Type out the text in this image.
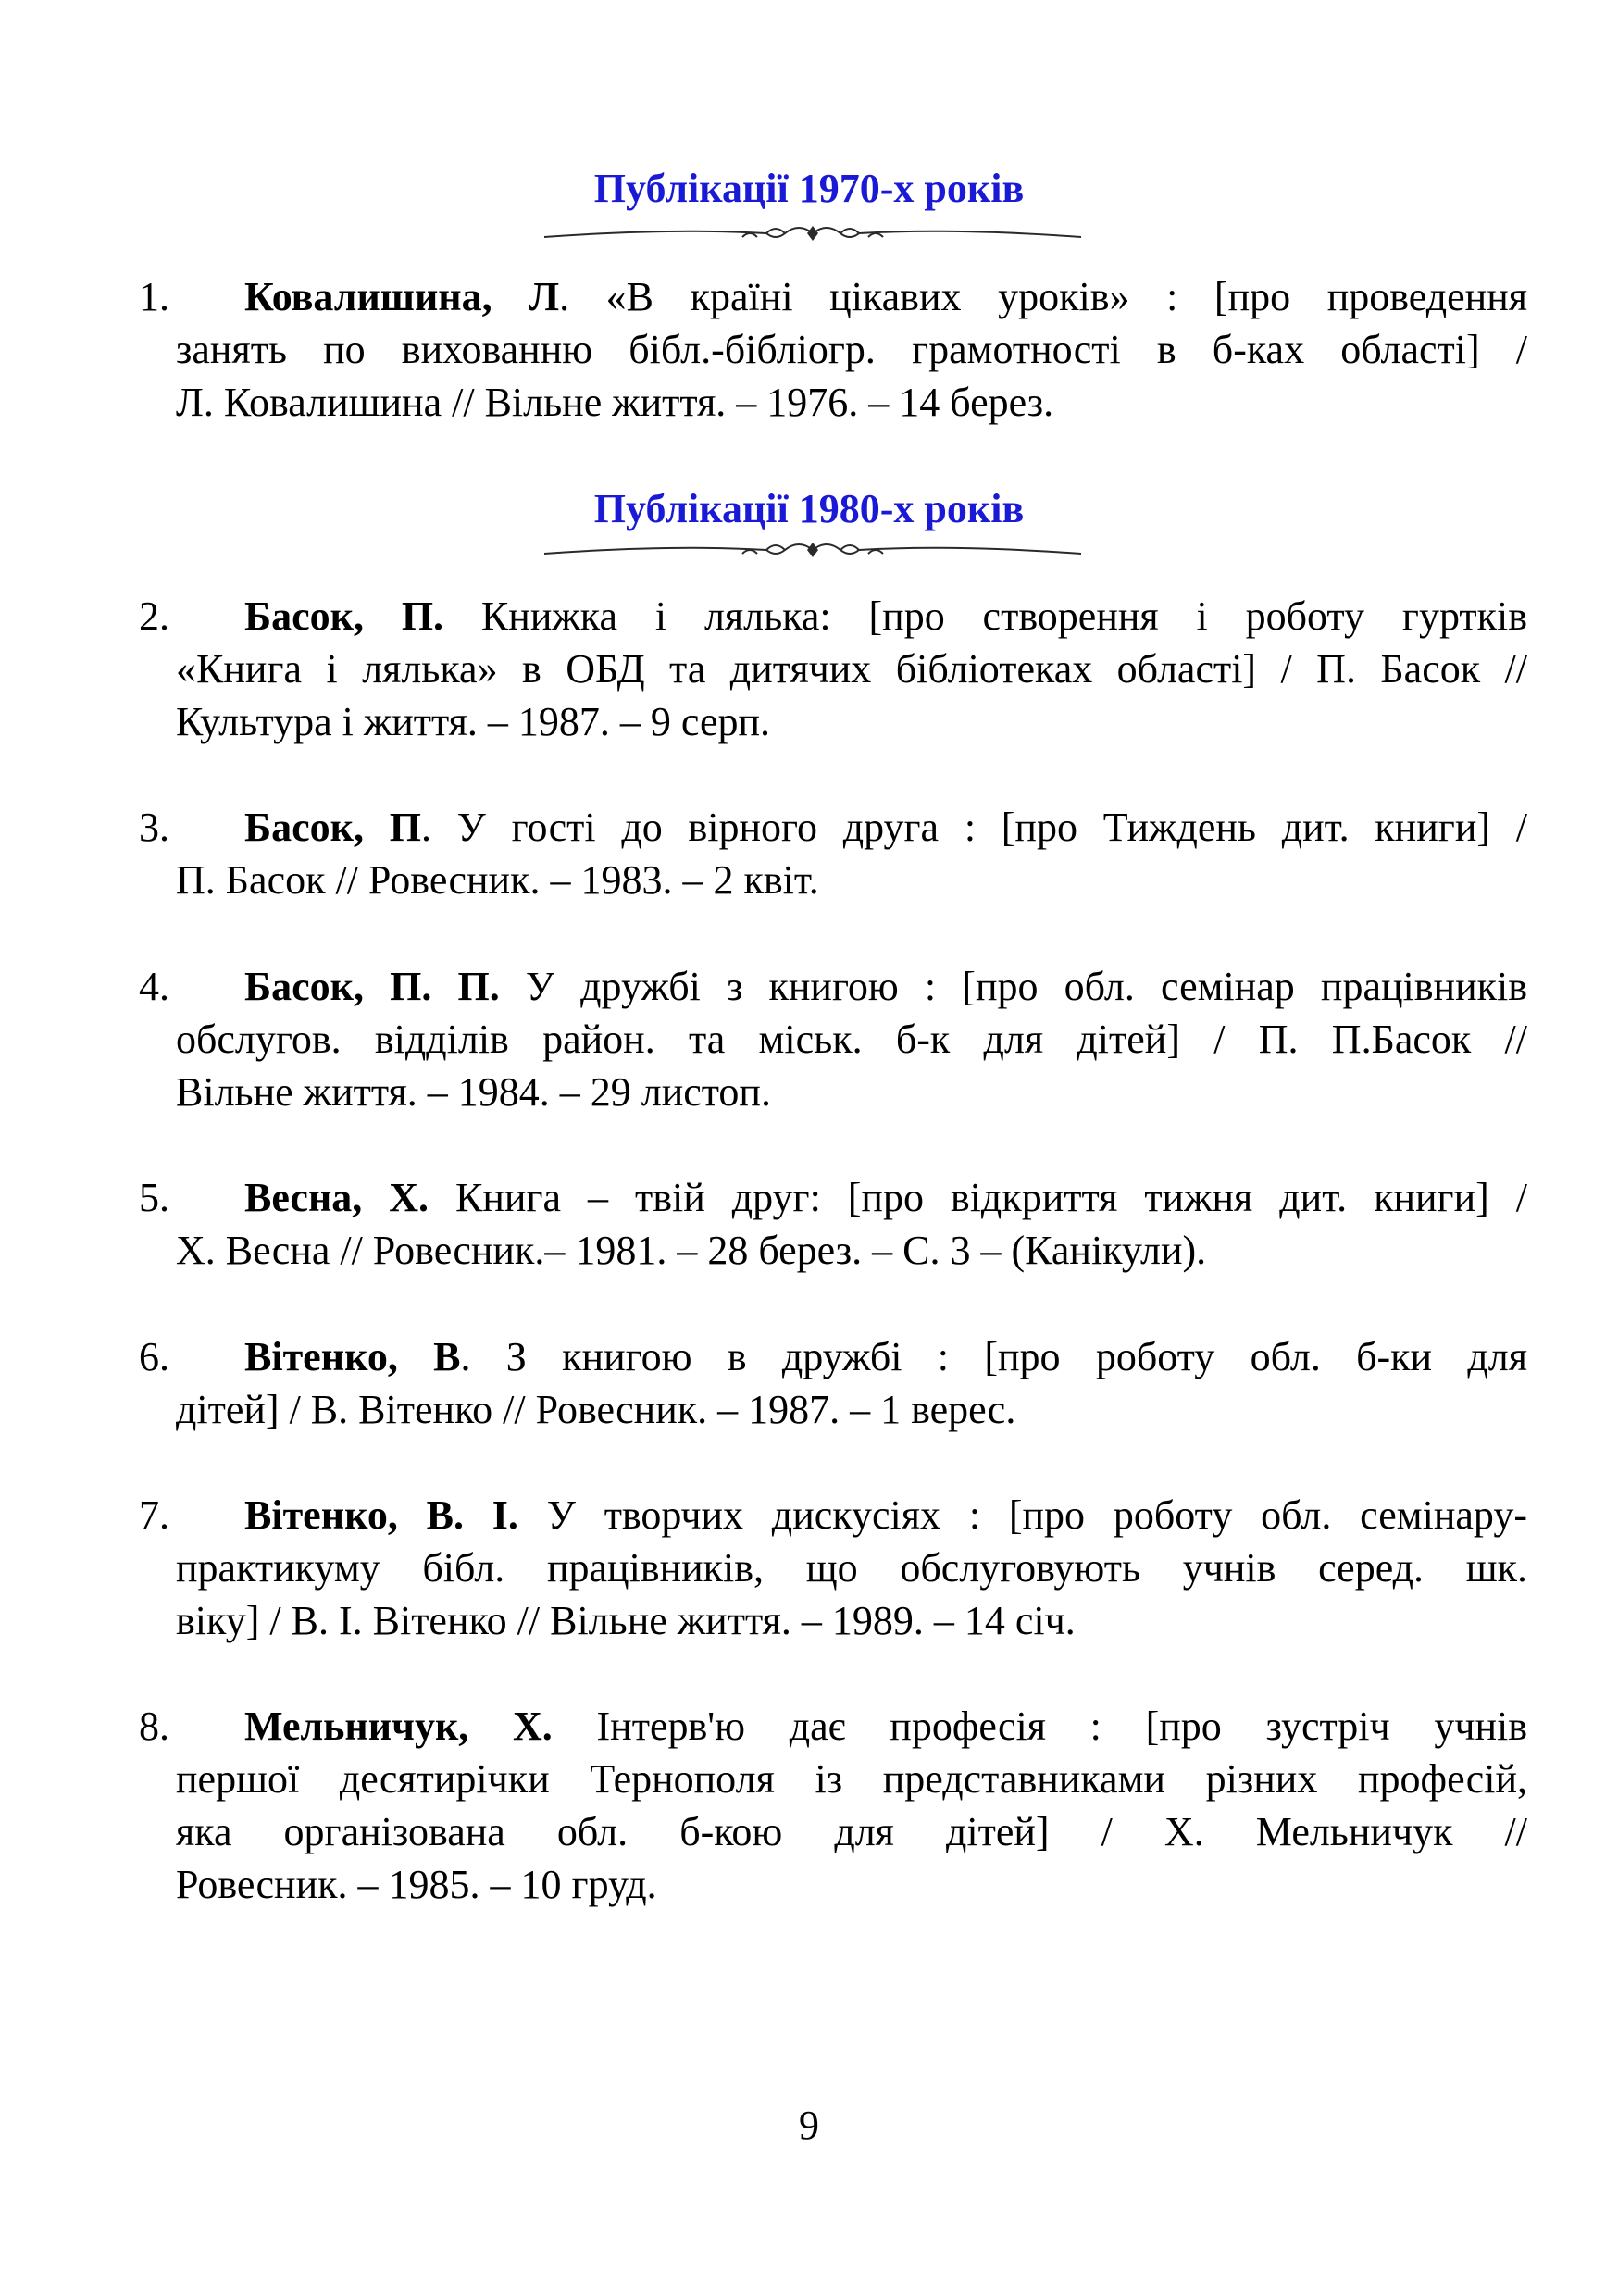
Публікації 1970-х років
1. Ковалишина, Л. «В країні цікавих уроків» : [про проведення
занять по вихованню бібл.-бібліогр. грамотності в б-ках області] /
Л. Ковалишина // Вільне життя. – 1976. – 14 берез.
Публікації 1980-х років
2. Басок, П. Книжка і лялька: [про створення і роботу гуртків
«Книга і лялька» в ОБД та дитячих бібліотеках області] / П. Басок //
Культура і життя. – 1987. – 9 серп.
3. Басок, П. У гості до вірного друга : [про Тиждень дит. книги] /
П. Басок // Ровесник. – 1983. – 2 квіт.
4. Басок, П. П. У дружбі з книгою : [про обл. семінар працівників
обслугов. відділів район. та міськ. б-к для дітей] / П. П.Басок //
Вільне життя. – 1984. – 29 листоп.
5. Весна, Х. Книга – твій друг: [про відкриття тижня дит. книги] /
Х. Весна // Ровесник.– 1981. – 28 берез. – С. 3 – (Канікули).
6. Вітенко, В. З книгою в дружбі : [про роботу обл. б-ки для
дітей] / В. Вітенко // Ровесник. – 1987. – 1 верес.
7. Вітенко, В. І. У творчих дискусіях : [про роботу обл. семінару-
практикуму бібл. працівників, що обслуговують учнів серед. шк.
віку] / В. І. Вітенко // Вільне життя. – 1989. – 14 січ.
8. Мельничук, Х. Інтерв'ю дає професія : [про зустріч учнів
першої десятирічки Тернополя із представниками різних професій,
яка організована обл. б-кою для дітей] / Х. Мельничук //
Ровесник. – 1985. – 10 груд.
9
